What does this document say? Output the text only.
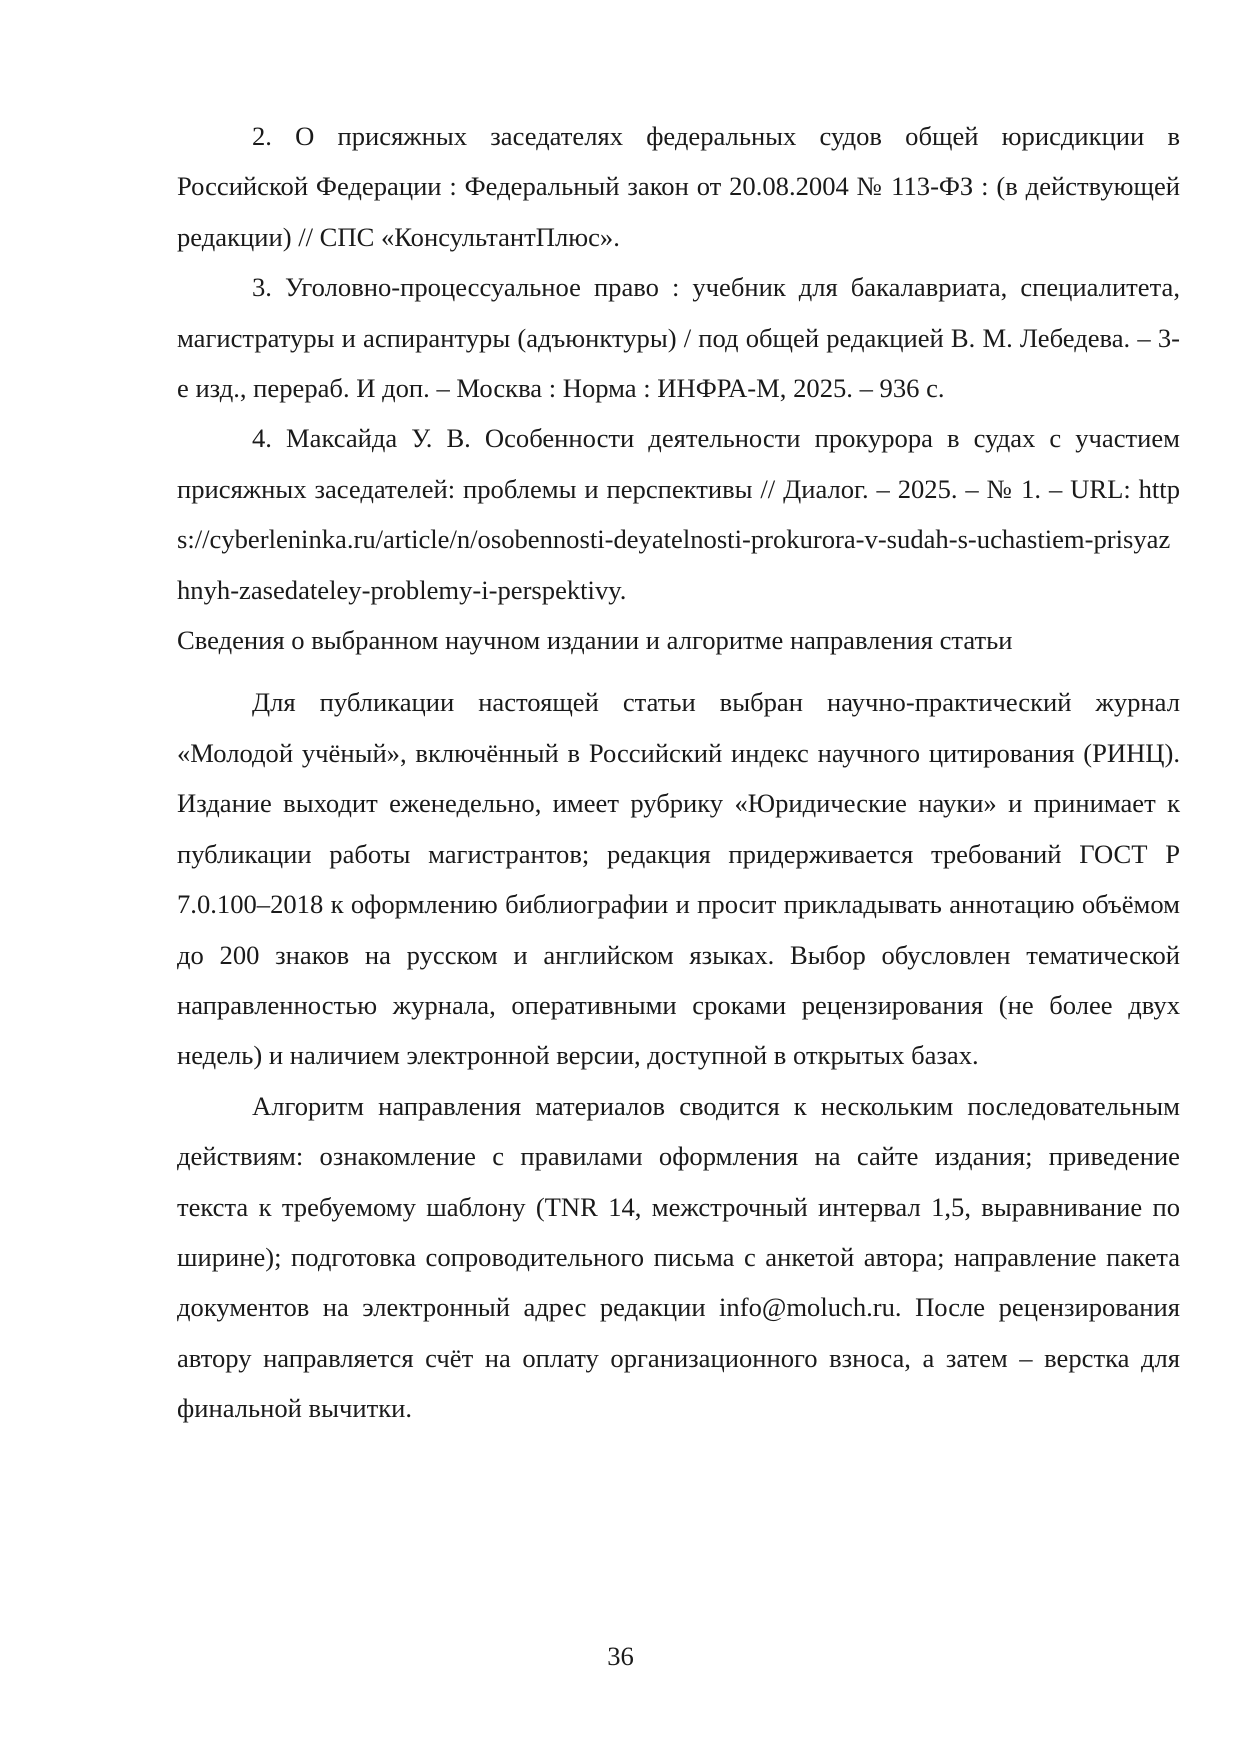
2. О присяжных заседателях федеральных судов общей юрисдикции в Российской Федерации : Федеральный закон от 20.08.2004 № 113-ФЗ : (в действующей редакции) // СПС «КонсультантПлюс».

3. Уголовно-процессуальное право : учебник для бакалавриата, специалитета, магистратуры и аспирантуры (адъюнктуры) / под общей редакцией В. М. Лебедева. – 3-е изд., перераб. И доп. – Москва : Норма : ИНФРА-М, 2025. – 936 с.

4. Максайда У. В. Особенности деятельности прокурора в судах с участием присяжных заседателей: проблемы и перспективы // Диалог. – 2025. – № 1. – URL: https://cyberleninka.ru/article/n/osobennosti-deyatelnosti-prokurora-v-sudah-s-uchastiem-prisyazhnyh-zasedateley-problemy-i-perspektivy.

Сведения о выбранном научном издании и алгоритме направления статьи

Для публикации настоящей статьи выбран научно-практический журнал «Молодой учёный», включённый в Российский индекс научного цитирования (РИНЦ). Издание выходит еженедельно, имеет рубрику «Юридические науки» и принимает к публикации работы магистрантов; редакция придерживается требований ГОСТ Р 7.0.100–2018 к оформлению библиографии и просит прикладывать аннотацию объёмом до 200 знаков на русском и английском языках. Выбор обусловлен тематической направленностью журнала, оперативными сроками рецензирования (не более двух недель) и наличием электронной версии, доступной в открытых базах.

Алгоритм направления материалов сводится к нескольким последовательным действиям: ознакомление с правилами оформления на сайте издания; приведение текста к требуемому шаблону (TNR 14, межстрочный интервал 1,5, выравнивание по ширине); подготовка сопроводительного письма с анкетой автора; направление пакета документов на электронный адрес редакции info@moluch.ru. После рецензирования автору направляется счёт на оплату организационного взноса, а затем – верстка для финальной вычитки.

36
